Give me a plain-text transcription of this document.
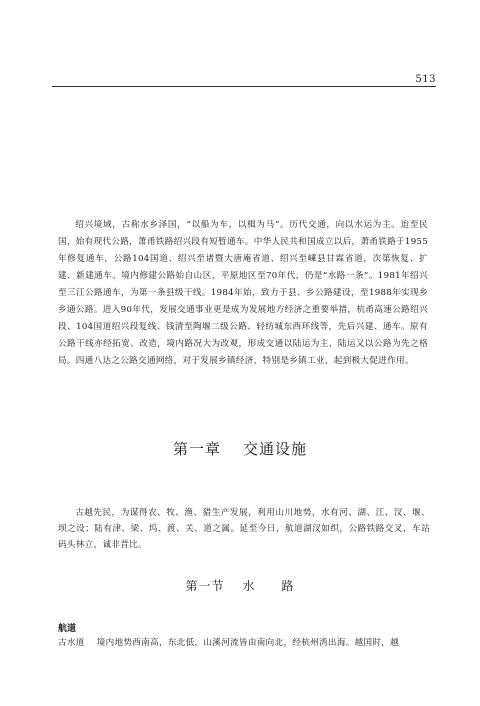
513

绍兴境域，古称水乡泽国，“以船为车，以楫为马”。历代交通，向以水运为主。迨至民国，始有现代公路，萧甬铁路绍兴段有短暂通车。中华人民共和国成立以后，萧甬铁路于1955年修复通车，公路104国道、绍兴至诸暨大唐庵省道、绍兴至嵊县甘霖省道，次第恢复、扩建、新建通车。境内修建公路始自山区，平原地区至70年代，仍是“水路一条”。1981年绍兴至三江公路通车，为第一条县级干线。1984年始，致力于县、乡公路建设，至1988年实现乡乡通公路。进入90年代，发展交通事业更是成为发展地方经济之重要举措，杭甬高速公路绍兴段、104国道绍兴段复线、钱清至陶堰二级公路、轻纺城东西环线等，先后兴建、通车。原有公路干线亦经拓宽、改造，境内路况大为改观，形成交通以陆运为主，陆运又以公路为先之格局。四通八达之公路交通网络，对于发展乡镇经济，特别是乡镇工业，起到极大促进作用。

第一章 交通设施

古越先民，为谋得农、牧、渔、猎生产发展，利用山川地势，水有河、湖、江、汊、堰、坝之设；陆有津、梁、坞、渡、关、道之属。延至今日，航道湖汊如织，公路铁路交叉，车站码头林立，诚非昔比。

第一节 水 路
航道

古水道 境内地势西南高，东北低，山溪河流皆由南向北，经杭州湾出海。越国时，越
